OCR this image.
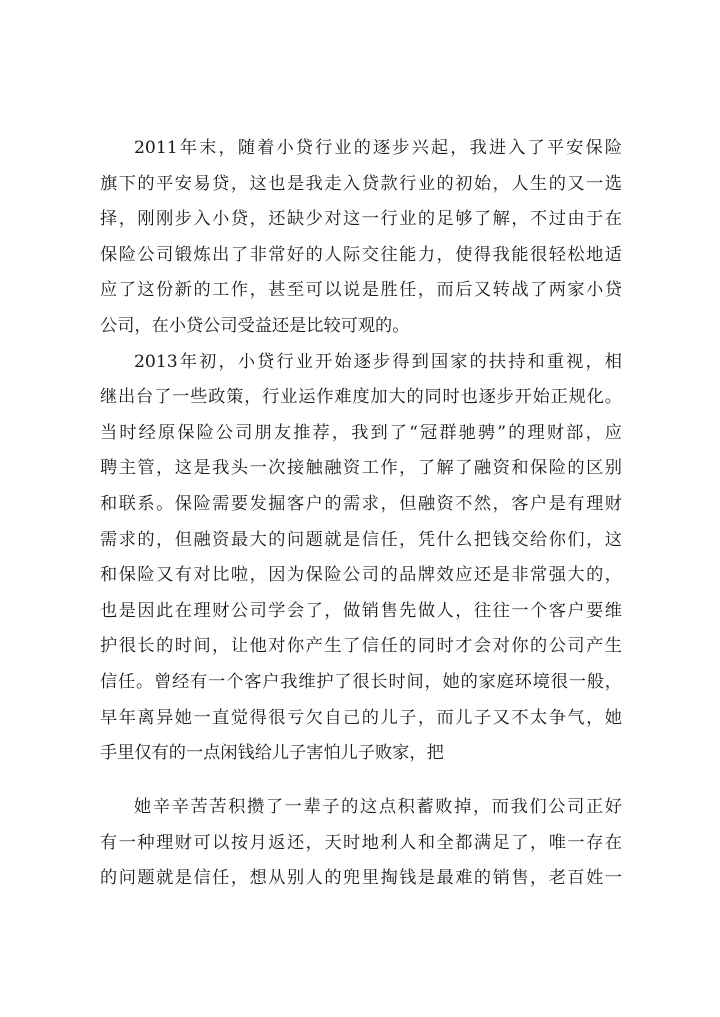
2011年末，随着小贷行业的逐步兴起，我进入了平安保险
旗下的平安易贷，这也是我走入贷款行业的初始，人生的又一选
择，刚刚步入小贷，还缺少对这一行业的足够了解，不过由于在
保险公司锻炼出了非常好的人际交往能力，使得我能很轻松地适
应了这份新的工作，甚至可以说是胜任，而后又转战了两家小贷
公司，在小贷公司受益还是比较可观的。
2013年初，小贷行业开始逐步得到国家的扶持和重视，相
继出台了一些政策，行业运作难度加大的同时也逐步开始正规化。
当时经原保险公司朋友推荐，我到了“冠群驰骋”的理财部，应
聘主管，这是我头一次接触融资工作，了解了融资和保险的区别
和联系。保险需要发掘客户的需求，但融资不然，客户是有理财
需求的，但融资最大的问题就是信任，凭什么把钱交给你们，这
和保险又有对比啦，因为保险公司的品牌效应还是非常强大的，
也是因此在理财公司学会了，做销售先做人，往往一个客户要维
护很长的时间，让他对你产生了信任的同时才会对你的公司产生
信任。曾经有一个客户我维护了很长时间，她的家庭环境很一般，
早年离异她一直觉得很亏欠自己的儿子，而儿子又不太争气，她
手里仅有的一点闲钱给儿子害怕儿子败家，把
她辛辛苦苦积攒了一辈子的这点积蓄败掉，而我们公司正好
有一种理财可以按月返还，天时地利人和全都满足了，唯一存在
的问题就是信任，想从别人的兜里掏钱是最难的销售，老百姓一
